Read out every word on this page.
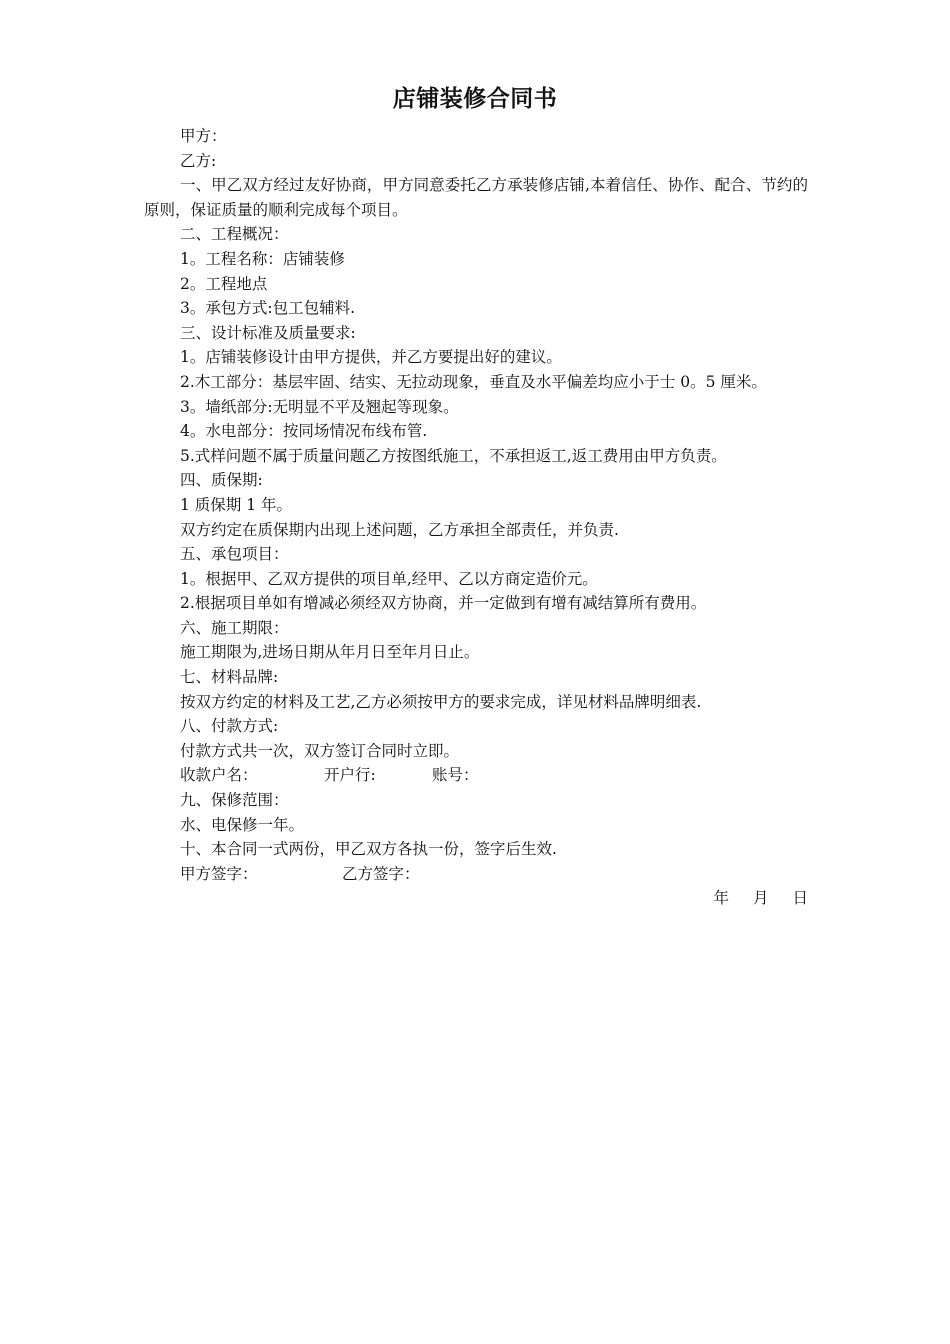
店铺装修合同书

甲方：

乙方:

一、甲乙双方经过友好协商，甲方同意委托乙方承装修店铺,本着信任、协作、配合、节约的原则，保证质量的顺利完成每个项目。

二、工程概况：

1。工程名称：店铺装修

2。工程地点

3。承包方式:包工包辅料.

三、设计标准及质量要求:

1。店铺装修设计由甲方提供，并乙方要提出好的建议。

2.木工部分：基层牢固、结实、无拉动现象，垂直及水平偏差均应小于士 0。5 厘米。

3。墙纸部分:无明显不平及翘起等现象。

4。水电部分：按同场情况布线布管.

5.式样问题不属于质量问题乙方按图纸施工，不承担返工,返工费用由甲方负责。

四、质保期:

1 质保期 1 年。

双方约定在质保期内出现上述问题，乙方承担全部责任，并负责.

五、承包项目：

1。根据甲、乙双方提供的项目单,经甲、乙以方商定造价元。

2.根据项目单如有增减必须经双方协商，并一定做到有增有减结算所有费用。

六、施工期限：

施工期限为,进场日期从年月日至年月日止。

七、材料品牌:

按双方约定的材料及工艺,乙方必须按甲方的要求完成，详见材料品牌明细表.

八、付款方式:

付款方式共一次，双方签订合同时立即。

收款户名：	开户行:	账号：

九、保修范围：

水、电保修一年。

十、本合同一式两份，甲乙双方各执一份，签字后生效.

甲方签字：	乙方签字：
年 月 日
